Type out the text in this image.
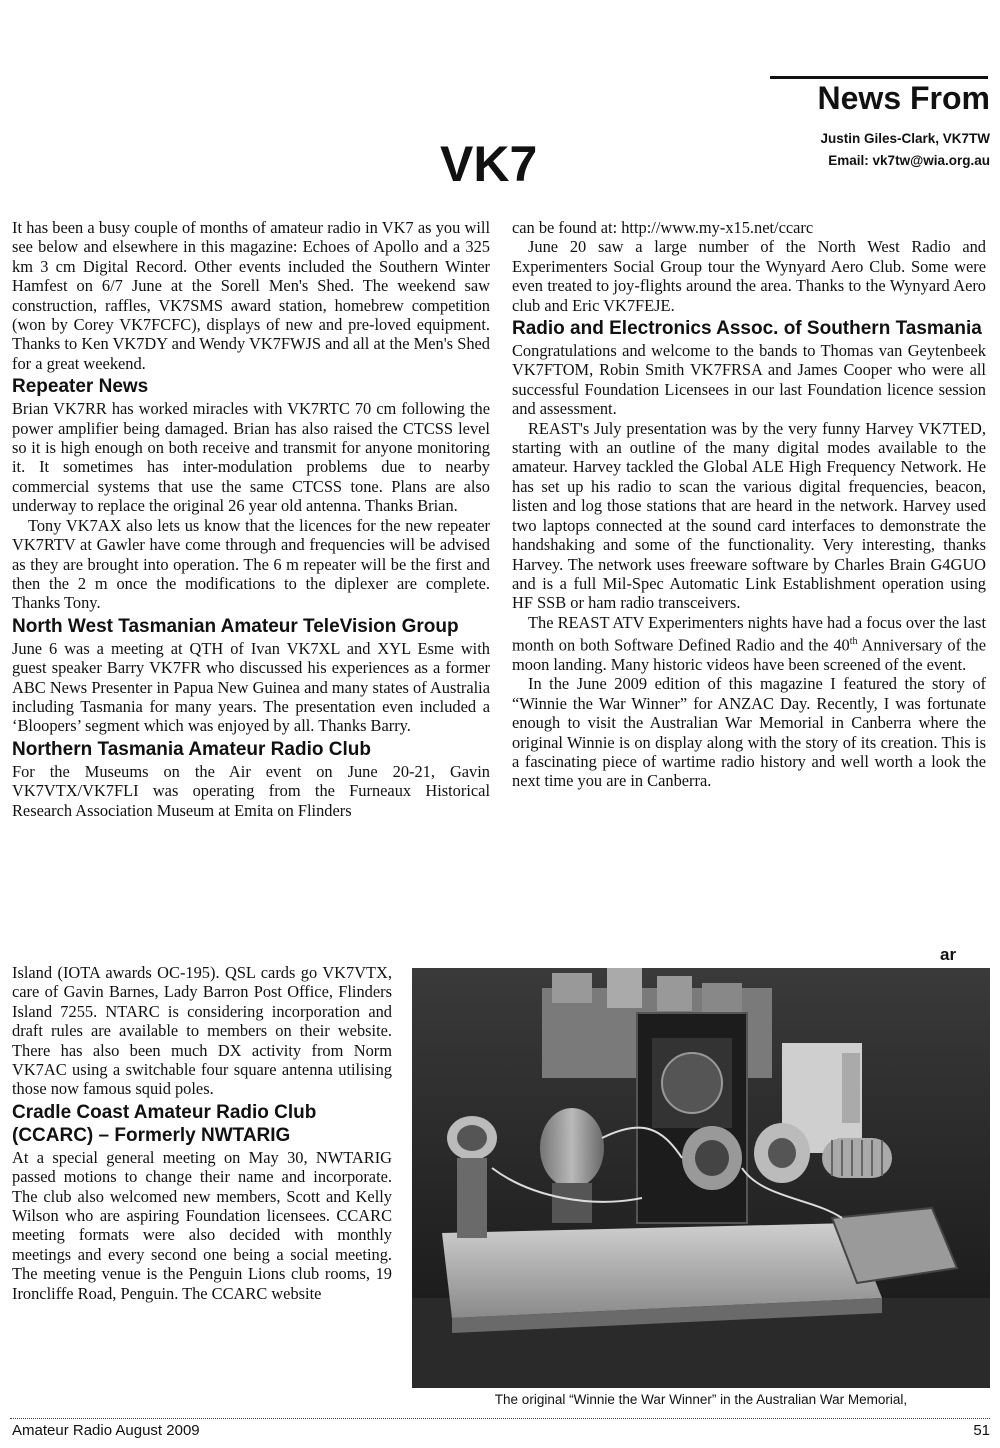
News From
Justin Giles-Clark, VK7TW
Email: vk7tw@wia.org.au
VK7

It has been a busy couple of months of amateur radio in VK7 as you will see below and elsewhere in this magazine: Echoes of Apollo and a 325 km 3 cm Digital Record. Other events included the Southern Winter Hamfest on 6/7 June at the Sorell Men's Shed. The weekend saw construction, raffles, VK7SMS award station, homebrew competition (won by Corey VK7FCFC), displays of new and pre-loved equipment. Thanks to Ken VK7DY and Wendy VK7FWJS and all at the Men's Shed for a great weekend.

Repeater News

Brian VK7RR has worked miracles with VK7RTC 70 cm following the power amplifier being damaged. Brian has also raised the CTCSS level so it is high enough on both receive and transmit for anyone monitoring it. It sometimes has inter-modulation problems due to nearby commercial systems that use the same CTCSS tone. Plans are also underway to replace the original 26 year old antenna. Thanks Brian.

Tony VK7AX also lets us know that the licences for the new repeater VK7RTV at Gawler have come through and frequencies will be advised as they are brought into operation. The 6 m repeater will be the first and then the 2 m once the modifications to the diplexer are complete. Thanks Tony.

North West Tasmanian Amateur TeleVision Group

June 6 was a meeting at QTH of Ivan VK7XL and XYL Esme with guest speaker Barry VK7FR who discussed his experiences as a former ABC News Presenter in Papua New Guinea and many states of Australia including Tasmania for many years. The presentation even included a ‘Bloopers’ segment which was enjoyed by all. Thanks Barry.

Northern Tasmania Amateur Radio Club

For the Museums on the Air event on June 20-21, Gavin VK7VTX/VK7FLI was operating from the Furneaux Historical Research Association Museum at Emita on Flinders

Island (IOTA awards OC-195). QSL cards go VK7VTX, care of Gavin Barnes, Lady Barron Post Office, Flinders Island 7255. NTARC is considering incorporation and draft rules are available to members on their website. There has also been much DX activity from Norm VK7AC using a switchable four square antenna utilising those now famous squid poles.

Cradle Coast Amateur Radio Club (CCARC) – Formerly NWTARIG

At a special general meeting on May 30, NWTARIG passed motions to change their name and incorporate. The club also welcomed new members, Scott and Kelly Wilson who are aspiring Foundation licensees. CCARC meeting formats were also decided with monthly meetings and every second one being a social meeting. The meeting venue is the Penguin Lions club rooms, 19 Ironcliffe Road, Penguin. The CCARC website

can be found at: http://www.my-x15.net/ccarc

June 20 saw a large number of the North West Radio and Experimenters Social Group tour the Wynyard Aero Club. Some were even treated to joy-flights around the area. Thanks to the Wynyard Aero club and Eric VK7FEJE.

Radio and Electronics Assoc. of Southern Tasmania

Congratulations and welcome to the bands to Thomas van Geytenbeek VK7FTOM, Robin Smith VK7FRSA and James Cooper who were all successful Foundation Licensees in our last Foundation licence session and assessment.

REAST's July presentation was by the very funny Harvey VK7TED, starting with an outline of the many digital modes available to the amateur. Harvey tackled the Global ALE High Frequency Network. He has set up his radio to scan the various digital frequencies, beacon, listen and log those stations that are heard in the network. Harvey used two laptops connected at the sound card interfaces to demonstrate the handshaking and some of the functionality. Very interesting, thanks Harvey. The network uses freeware software by Charles Brain G4GUO and is a full Mil-Spec Automatic Link Establishment operation using HF SSB or ham radio transceivers.

The REAST ATV Experimenters nights have had a focus over the last month on both Software Defined Radio and the 40th Anniversary of the moon landing. Many historic videos have been screened of the event.

In the June 2009 edition of this magazine I featured the story of “Winnie the War Winner” for ANZAC Day. Recently, I was fortunate enough to visit the Australian War Memorial in Canberra where the original Winnie is on display along with the story of its creation. This is a fascinating piece of wartime radio history and well worth a look the next time you are in Canberra.

ar
The original “Winnie the War Winner” in the Australian War Memorial,
Amateur Radio August 2009	51
